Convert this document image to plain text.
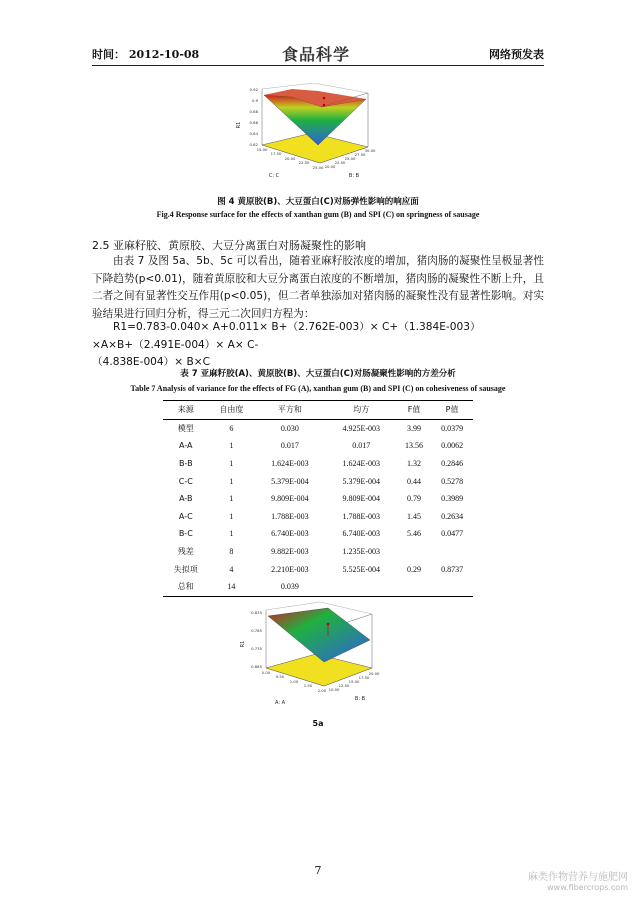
时间： 2012-10-08	食品科学	网络预发表
0.92
0.9
0.88
0.86
0.84
0.82
15.00
17.50
20.00
22.50
25.00 20.00
22.50
25.00
27.50
30.00
R1
C: C	B: B
图 4 黄原胶(B)、大豆蛋白(C)对肠弹性影响的响应面
Fig.4 Response surface for the effects of xanthan gum (B) and SPI (C) on springness of sausage
2.5 亚麻籽胶、黄原胶、大豆分离蛋白对肠凝聚性的影响

由表 7 及图 5a、5b、5c 可以看出，随着亚麻籽胶浓度的增加，猪肉肠的凝聚性呈极显著性下降趋势(p<0.01)，随着黄原胶和大豆分离蛋白浓度的不断增加，猪肉肠的凝聚性不断上升，且二者之间有显著性交互作用(p<0.05)，但二者单独添加对猪肉肠的凝聚性没有显著性影响。对实验结果进行回归分析，得三元二次回归方程为：

R1=0.783-0.040× A+0.011× B+（2.762E-003）× C+（1.384E-003）×A×B+（2.491E-004）× A× C-

（4.838E-004）× B×C

表 7 亚麻籽胶(A)、黄原胶(B)、大豆蛋白(C)对肠凝聚性影响的方差分析
Table 7 Analysis of variance for the effects of FG (A), xanthan gum (B) and SPI (C) on cohesiveness of sausage
来源	自由度	平方和	均方	F值	P值
模型	6	0.030	4.925E-003	3.99	0.0379
A-A	1	0.017	0.017	13.56	0.0062
B-B	1	1.624E-003	1.624E-003	1.32	0.2846
C-C	1	5.379E-004	5.379E-004	0.44	0.5278
A-B	1	9.809E-004	9.809E-004	0.79	0.3989
A-C	1	1.788E-003	1.788E-003	1.45	0.2634
B-C	1	6.740E-003	6.740E-003	5.46	0.0477
残差	8	9.882E-003	1.235E-003		
失拟项	4	2.210E-003	5.525E-004	0.29	0.8737
总和	14	0.039			
0.835
0.785
0.735
0.685
0.00
0.50
1.00
1.50
2.00 10.00
12.50
15.00
17.50
20.00
R1
A: A
B: B
5a
7
麻类作物营养与施肥网
www.fibercrops.com
